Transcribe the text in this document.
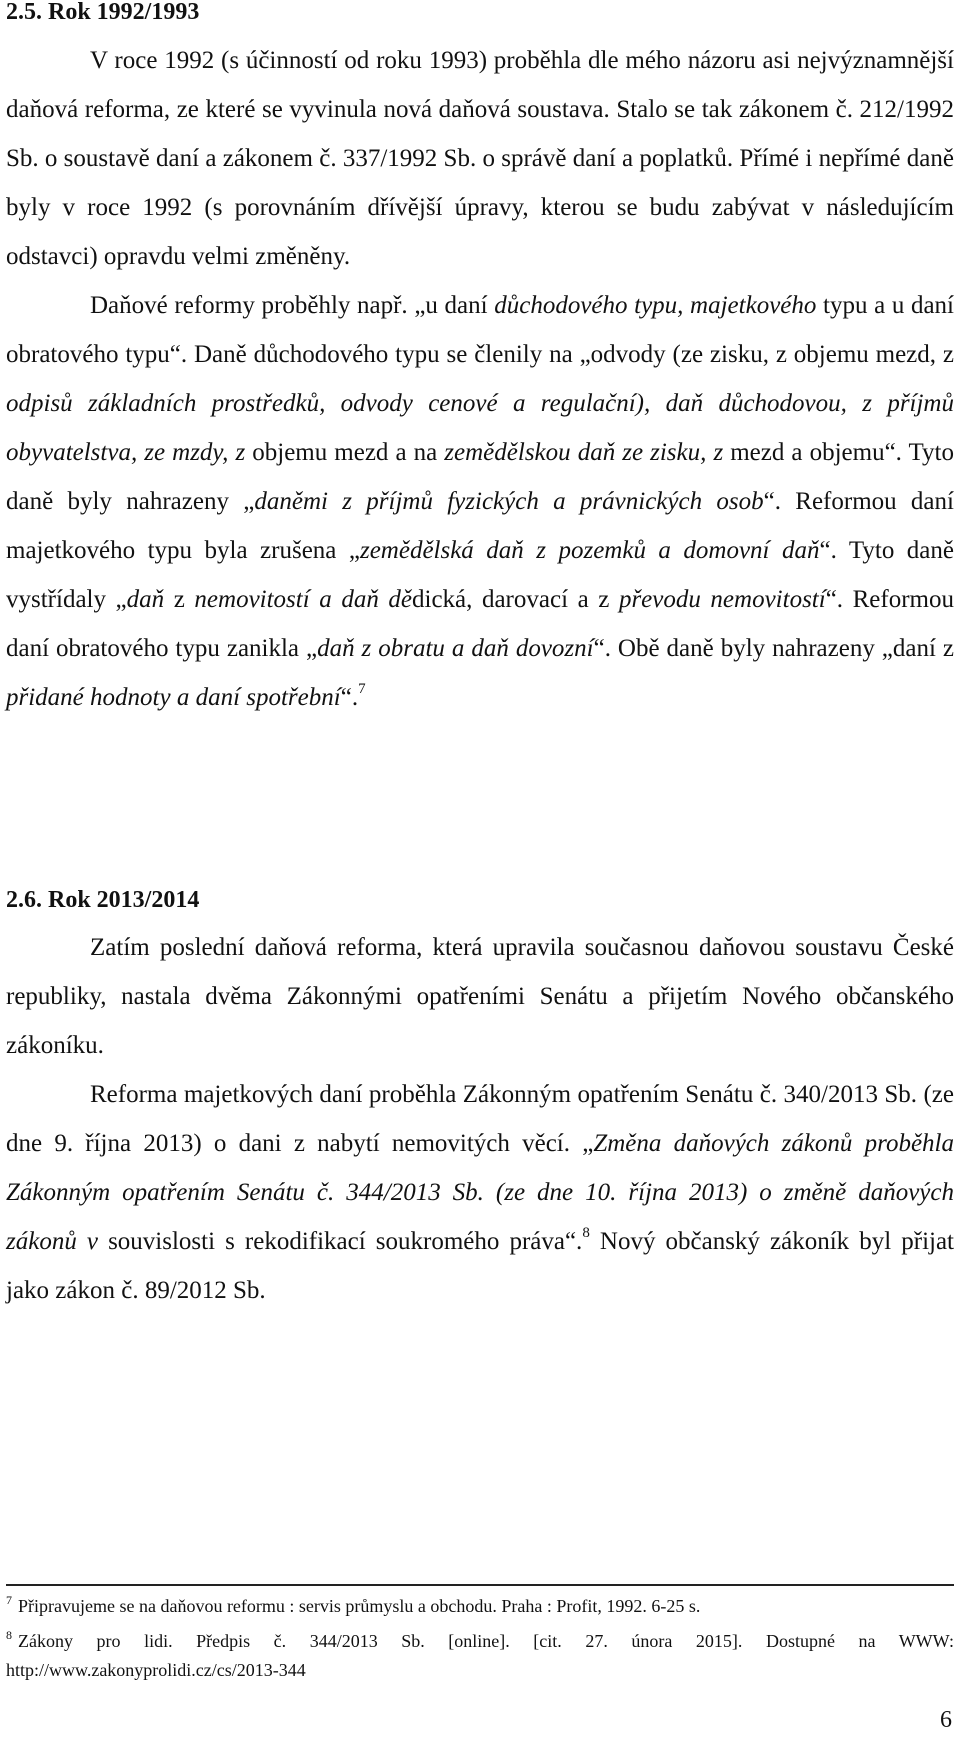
2.5. Rok 1992/1993

V roce 1992 (s účinností od roku 1993) proběhla dle mého názoru asi nejvýznamnější daňová reforma, ze které se vyvinula nová daňová soustava. Stalo se tak zákonem č. 212/1992 Sb. o soustavě daní a zákonem č. 337/1992 Sb. o správě daní a poplatků. Přímé i nepřímé daně byly v roce 1992 (s porovnáním dřívější úpravy, kterou se budu zabývat v následujícím odstavci) opravdu velmi změněny.

Daňové reformy proběhly např. „u daní důchodového typu, majetkového typu a u daní obratového typu“. Daně důchodového typu se členily na „odvody (ze zisku, z objemu mezd, z odpisů základních prostředků, odvody cenové a regulační), daň důchodovou, z příjmů obyvatelstva, ze mzdy, z objemu mezd a na zemědělskou daň ze zisku, z mezd a objemu“. Tyto daně byly nahrazeny „daněmi z příjmů fyzických a právnických osob“. Reformou daní majetkového typu byla zrušena „zemědělská daň z pozemků a domovní daň“. Tyto daně vystřídaly „daň z nemovitostí a daň dědická, darovací a z převodu nemovitostí“. Reformou daní obratového typu zanikla „daň z obratu a daň dovozní“. Obě daně byly nahrazeny „daní z přidané hodnoty a daní spotřební“.$^7$

2.6. Rok 2013/2014

Zatím poslední daňová reforma, která upravila současnou daňovou soustavu České republiky, nastala dvěma Zákonnými opatřeními Senátu a přijetím Nového občanského zákoníku.

Reforma majetkových daní proběhla Zákonným opatřením Senátu č. 340/2013 Sb. (ze dne 9. října 2013) o dani z nabytí nemovitých věcí. „Změna daňových zákonů proběhla Zákonným opatřením Senátu č. 344/2013 Sb. (ze dne 10. října 2013) o změně daňových zákonů v souvislosti s rekodifikací soukromého práva“.$^8$ Nový občanský zákoník byl přijat jako zákon č. 89/2012 Sb.

$^7$ Připravujeme se na daňovou reformu : servis průmyslu a obchodu. Praha : Profit, 1992. 6-25 s.

$^8$ Zákony pro lidi. Předpis č. 344/2013 Sb. [online]. [cit. 27. února 2015]. Dostupné na WWW: http://www.zakonyprolidi.cz/cs/2013-344

6
